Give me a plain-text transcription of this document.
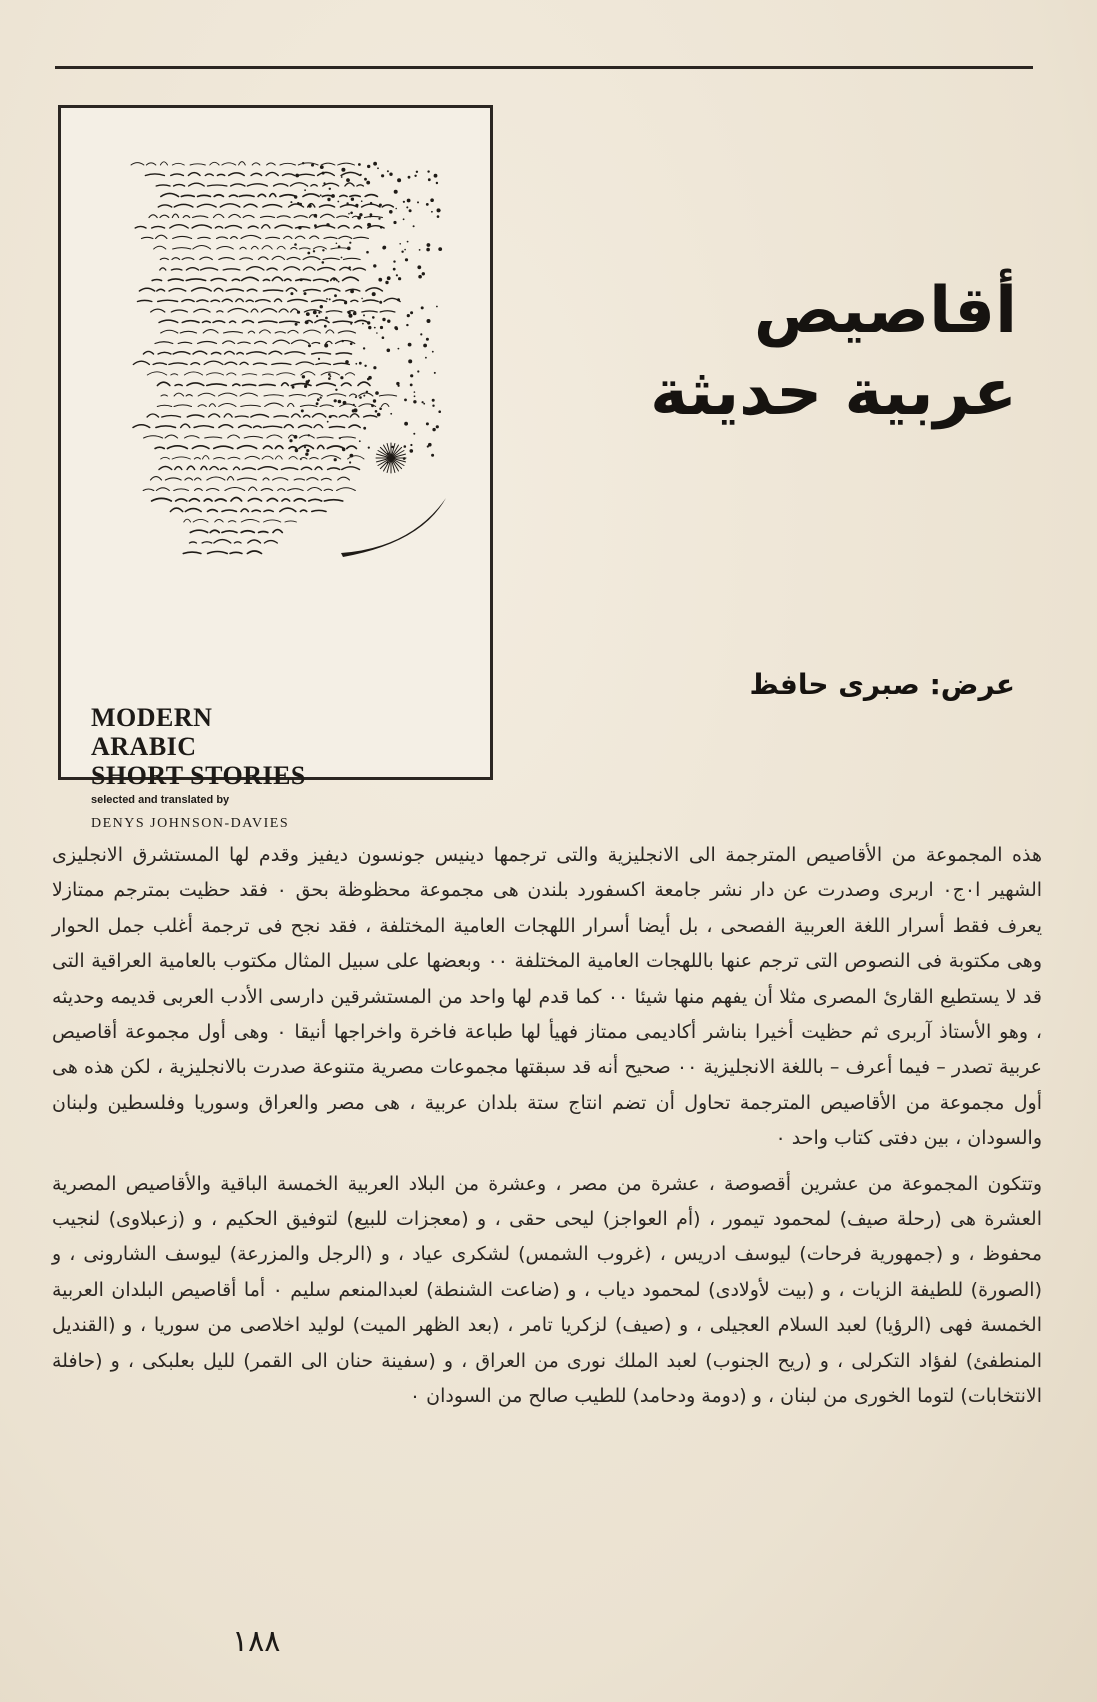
MODERN
ARABIC
SHORT STORIES
selected and translated by
DENYS JOHNSON-DAVIES
أقاصيص
عربية حديثة
عرض: صبرى حافظ

هذه المجموعة من الأقاصيص المترجمة الى الانجليزية والتى ترجمها دينيس جونسون ديفيز وقدم لها المستشرق الانجليزى الشهير ا٠ج٠ اربرى وصدرت عن دار نشر جامعة اكسفورد بلندن هى مجموعة محظوظة بحق ٠ فقد حظيت بمترجم ممتازلا يعرف فقط أسرار اللغة العربية الفصحى ، بل أيضا أسرار اللهجات العامية المختلفة ، فقد نجح فى ترجمة أغلب جمل الحوار وهى مكتوبة فى النصوص التى ترجم عنها باللهجات العامية المختلفة ٠٠ وبعضها على سبيل المثال مكتوب بالعامية العراقية التى قد لا يستطيع القارئ المصرى مثلا أن يفهم منها شيئا ٠٠ كما قدم لها واحد من المستشرقين دارسى الأدب العربى قديمه وحديثه ، وهو الأستاذ آربرى ثم حظيت أخيرا بناشر أكاديمى ممتاز فهيأ لها طباعة فاخرة واخراجها أنيقا ٠ وهى أول مجموعة أقاصيص عربية تصدر – فيما أعرف – باللغة الانجليزية ٠٠ صحيح أنه قد سبقتها مجموعات مصرية متنوعة صدرت بالانجليزية ، لكن هذه هى أول مجموعة من الأقاصيص المترجمة تحاول أن تضم انتاج ستة بلدان عربية ، هى مصر والعراق وسوريا وفلسطين ولبنان والسودان ، بين دفتى كتاب واحد ٠

وتتكون المجموعة من عشرين أقصوصة ، عشرة من مصر ، وعشرة من البلاد العربية الخمسة الباقية والأقاصيص المصرية العشرة هى (رحلة صيف) لمحمود تيمور ، (أم العواجز) ليحى حقى ، و (معجزات للبيع) لتوفيق الحكيم ، و (زعبلاوى) لنجيب محفوظ ، و (جمهورية فرحات) ليوسف ادريس ، (غروب الشمس) لشكرى عياد ، و (الرجل والمزرعة) ليوسف الشارونى ، و (الصورة) للطيفة الزيات ، و (بيت لأولادى) لمحمود دياب ، و (ضاعت الشنطة) لعبدالمنعم سليم ٠ أما أقاصيص البلدان العربية الخمسة فهى (الرؤيا) لعبد السلام العجيلى ، و (صيف) لزكريا تامر ، (بعد الظهر الميت) لوليد اخلاصى من سوريا ، و (القنديل المنطفئ) لفؤاد التكرلى ، و (ريح الجنوب) لعبد الملك نورى من العراق ، و (سفينة حنان الى القمر) لليل بعلبكى ، و (حافلة الانتخابات) لتوما الخورى من لبنان ، و (دومة ودحامد) للطيب صالح من السودان ٠

١٨٨
